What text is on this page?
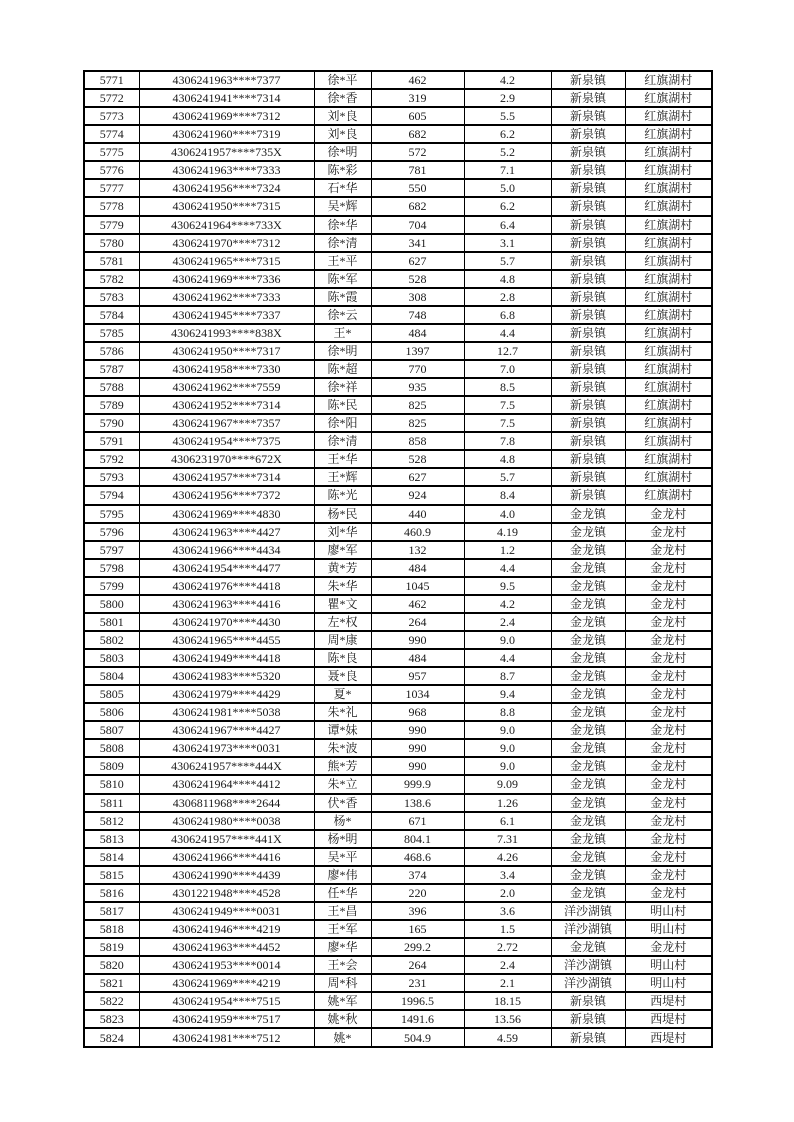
5771	4306241963****7377	徐*平	462	4.2	新泉镇	红旗湖村
5772	4306241941****7314	徐*香	319	2.9	新泉镇	红旗湖村
5773	4306241969****7312	刘*良	605	5.5	新泉镇	红旗湖村
5774	4306241960****7319	刘*良	682	6.2	新泉镇	红旗湖村
5775	4306241957****735X	徐*明	572	5.2	新泉镇	红旗湖村
5776	4306241963****7333	陈*彩	781	7.1	新泉镇	红旗湖村
5777	4306241956****7324	石*华	550	5.0	新泉镇	红旗湖村
5778	4306241950****7315	吴*辉	682	6.2	新泉镇	红旗湖村
5779	4306241964****733X	徐*华	704	6.4	新泉镇	红旗湖村
5780	4306241970****7312	徐*清	341	3.1	新泉镇	红旗湖村
5781	4306241965****7315	王*平	627	5.7	新泉镇	红旗湖村
5782	4306241969****7336	陈*军	528	4.8	新泉镇	红旗湖村
5783	4306241962****7333	陈*霞	308	2.8	新泉镇	红旗湖村
5784	4306241945****7337	徐*云	748	6.8	新泉镇	红旗湖村
5785	4306241993****838X	王*	484	4.4	新泉镇	红旗湖村
5786	4306241950****7317	徐*明	1397	12.7	新泉镇	红旗湖村
5787	4306241958****7330	陈*超	770	7.0	新泉镇	红旗湖村
5788	4306241962****7559	徐*祥	935	8.5	新泉镇	红旗湖村
5789	4306241952****7314	陈*民	825	7.5	新泉镇	红旗湖村
5790	4306241967****7357	徐*阳	825	7.5	新泉镇	红旗湖村
5791	4306241954****7375	徐*清	858	7.8	新泉镇	红旗湖村
5792	4306231970****672X	王*华	528	4.8	新泉镇	红旗湖村
5793	4306241957****7314	王*辉	627	5.7	新泉镇	红旗湖村
5794	4306241956****7372	陈*光	924	8.4	新泉镇	红旗湖村
5795	4306241969****4830	杨*民	440	4.0	金龙镇	金龙村
5796	4306241963****4427	刘*华	460.9	4.19	金龙镇	金龙村
5797	4306241966****4434	廖*军	132	1.2	金龙镇	金龙村
5798	4306241954****4477	黄*芳	484	4.4	金龙镇	金龙村
5799	4306241976****4418	朱*华	1045	9.5	金龙镇	金龙村
5800	4306241963****4416	瞿*文	462	4.2	金龙镇	金龙村
5801	4306241970****4430	左*权	264	2.4	金龙镇	金龙村
5802	4306241965****4455	周*康	990	9.0	金龙镇	金龙村
5803	4306241949****4418	陈*良	484	4.4	金龙镇	金龙村
5804	4306241983****5320	聂*良	957	8.7	金龙镇	金龙村
5805	4306241979****4429	夏*	1034	9.4	金龙镇	金龙村
5806	4306241981****5038	朱*礼	968	8.8	金龙镇	金龙村
5807	4306241967****4427	谭*妹	990	9.0	金龙镇	金龙村
5808	4306241973****0031	朱*波	990	9.0	金龙镇	金龙村
5809	4306241957****444X	熊*芳	990	9.0	金龙镇	金龙村
5810	4306241964****4412	朱*立	999.9	9.09	金龙镇	金龙村
5811	4306811968****2644	伏*香	138.6	1.26	金龙镇	金龙村
5812	4306241980****0038	杨*	671	6.1	金龙镇	金龙村
5813	4306241957****441X	杨*明	804.1	7.31	金龙镇	金龙村
5814	4306241966****4416	吴*平	468.6	4.26	金龙镇	金龙村
5815	4306241990****4439	廖*伟	374	3.4	金龙镇	金龙村
5816	4301221948****4528	任*华	220	2.0	金龙镇	金龙村
5817	4306241949****0031	王*昌	396	3.6	洋沙湖镇	明山村
5818	4306241946****4219	王*军	165	1.5	洋沙湖镇	明山村
5819	4306241963****4452	廖*华	299.2	2.72	金龙镇	金龙村
5820	4306241953****0014	王*会	264	2.4	洋沙湖镇	明山村
5821	4306241969****4219	周*科	231	2.1	洋沙湖镇	明山村
5822	4306241954****7515	姚*军	1996.5	18.15	新泉镇	西堤村
5823	4306241959****7517	姚*秋	1491.6	13.56	新泉镇	西堤村
5824	4306241981****7512	姚*	504.9	4.59	新泉镇	西堤村
